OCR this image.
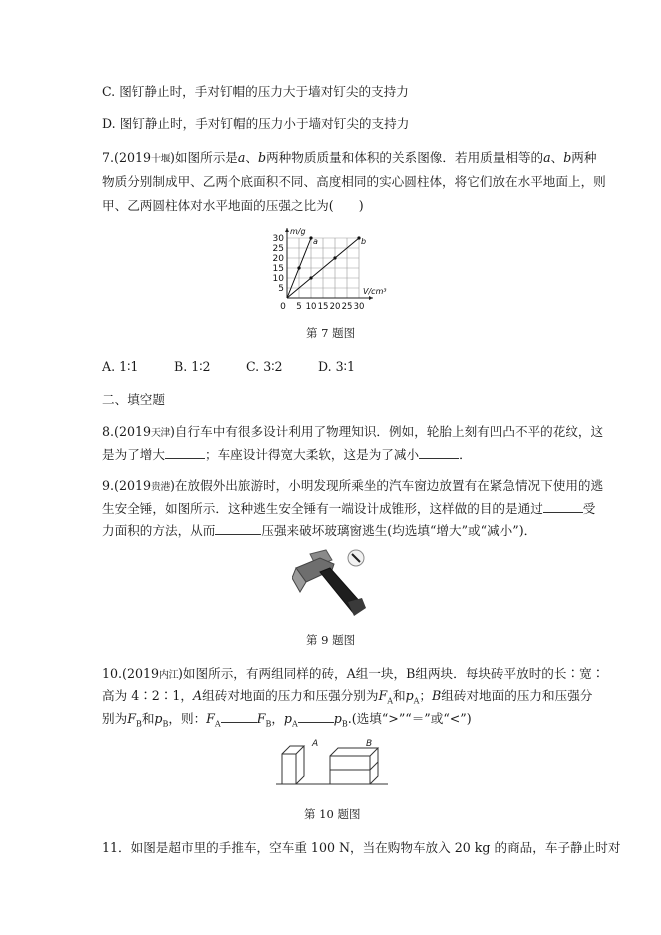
C. 图钉静止时，手对钉帽的压力大于墙对钉尖的支持力
D. 图钉静止时，手对钉帽的压力小于墙对钉尖的支持力
7.(2019十堰)如图所示是a、b两种物质质量和体积的关系图像．若用质量相等的a、b两种
物质分别制成甲、乙两个底面积不同、高度相同的实心圆柱体，将它们放在水平地面上，则
甲、乙两圆柱体对水平地面的压强之比为(　　)
a	b
5
10
15
20
25
30
0 5 10 15 20 25 30
V/cm³
m/g
第 7 题图
A. 1∶1	B. 1∶2	C. 3∶2	D. 3∶1
二、填空题
8.(2019天津)自行车中有很多设计利用了物理知识．例如，轮胎上刻有凹凸不平的花纹，这
是为了增大	；车座设计得宽大柔软，这是为了减小	．
9.(2019贵港)在放假外出旅游时，小明发现所乘坐的汽车窗边放置有在紧急情况下使用的逃
生安全锤，如图所示．这种逃生安全锤有一端设计成锥形，这样做的目的是通过	受
力面积的方法，从而	压强来破坏玻璃窗逃生(均选填“增大”或“减小”)．
第 9 题图
10.(2019内江)如图所示，有两组同样的砖，A组一块，B组两块．每块砖平放时的长∶宽∶
高为 4∶2∶1，A组砖对地面的压力和压强分别为$F_A$和$p_A$；B组砖对地面的压力和压强分
别为$F_B$和$p_B$，则：$F_A$	$F_B$，$p_A$	$p_B$.(选填“>”“＝”或“<”)
A	B
第 10 题图
11．如图是超市里的手推车，空车重 100 N，当在购物车放入 20 kg 的商品，车子静止时对
